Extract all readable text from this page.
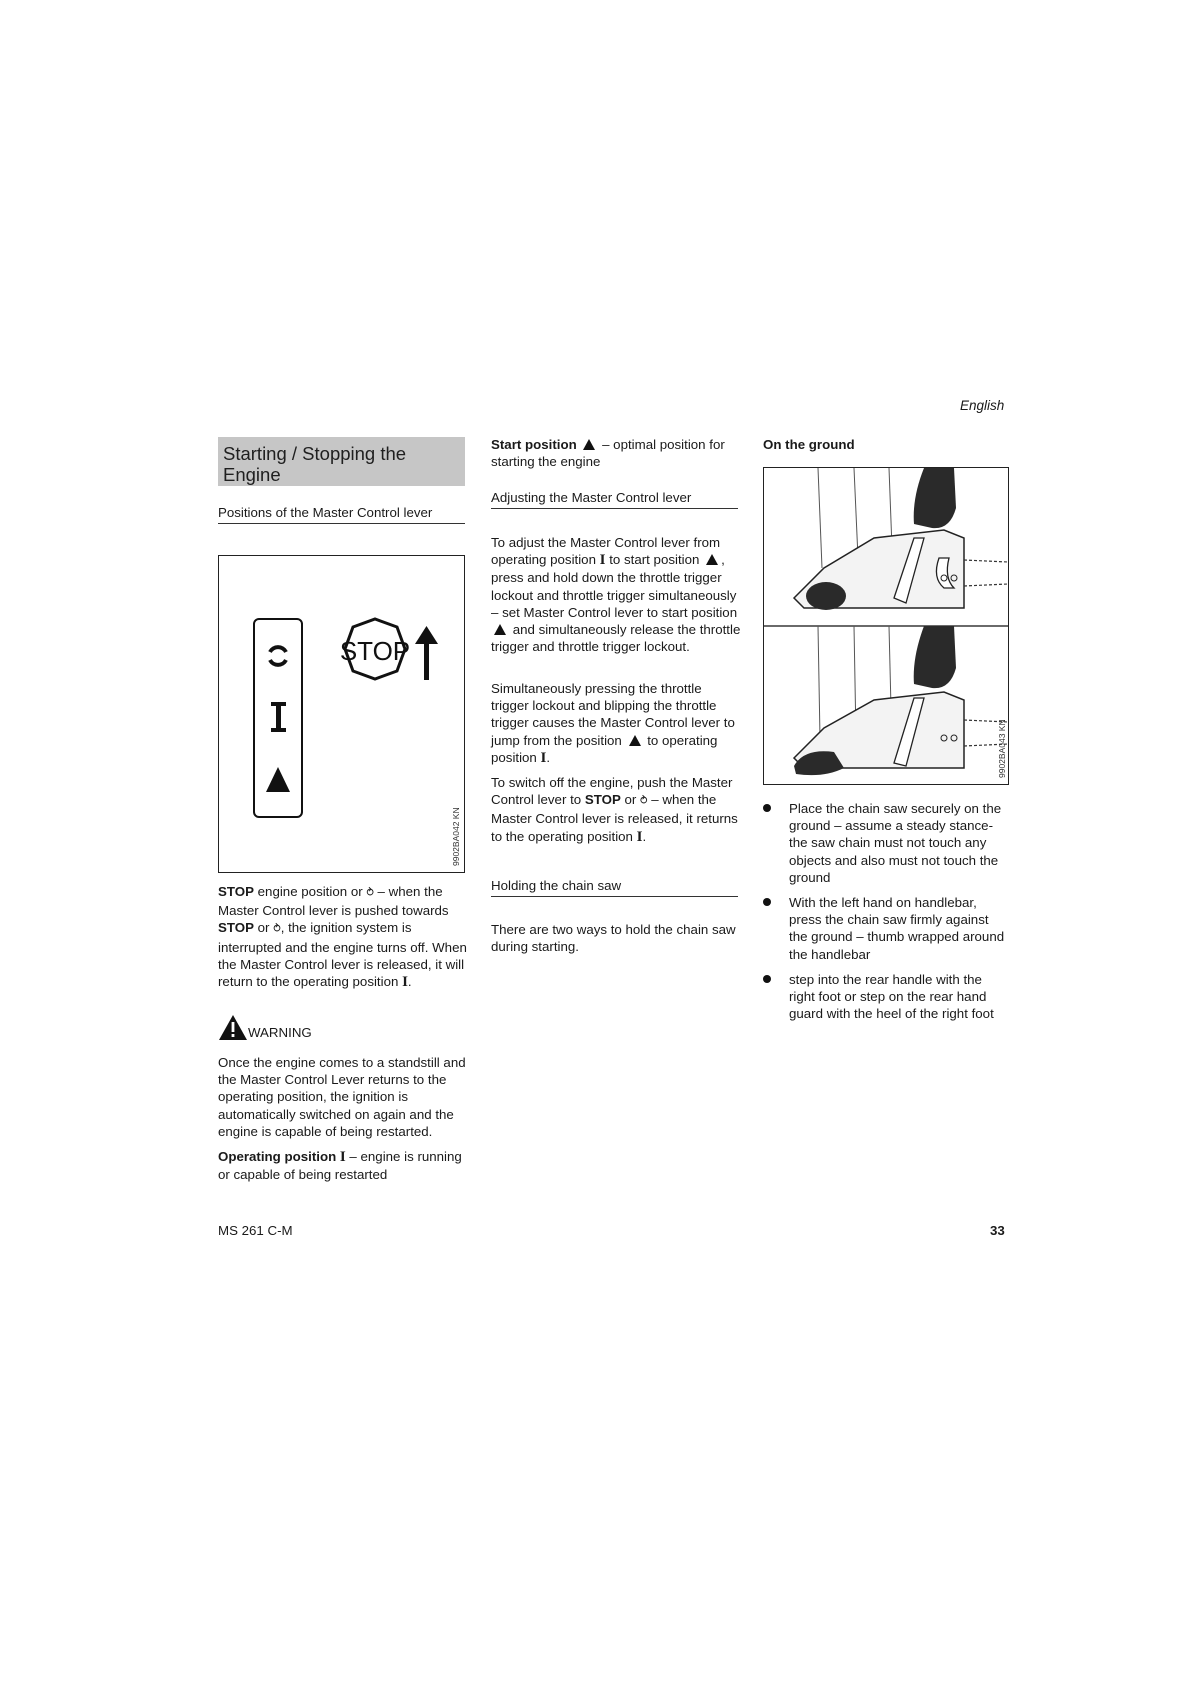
English
Starting / Stopping the Engine
Positions of the Master Control lever
STOP
9902BA042 KN

STOP engine position or ⥁ – when the Master Control lever is pushed towards STOP or ⥁, the ignition system is interrupted and the engine turns off. When the Master Control lever is released, it will return to the operating position I.

WARNING

Once the engine comes to a standstill and the Master Control Lever returns to the operating position, the ignition is automatically switched on again and the engine is capable of being restarted.

Operating position I – engine is running or capable of being restarted

Start position  – optimal position for starting the engine

Adjusting the Master Control lever

To adjust the Master Control lever from operating position I to start position , press and hold down the throttle trigger lockout and throttle trigger simultaneously – set Master Control lever to start position  and simultaneously release the throttle trigger and throttle trigger lockout.

Simultaneously pressing the throttle trigger lockout and blipping the throttle trigger causes the Master Control lever to jump from the position  to operating position I.

To switch off the engine, push the Master Control lever to STOP or ⥁ – when the Master Control lever is released, it returns to the operating position I.

Holding the chain saw

There are two ways to hold the chain saw during starting.

On the ground
9902BA043 KN
Place the chain saw securely on the ground – assume a steady stance- the saw chain must not touch any objects and also must not touch the ground
With the left hand on handlebar, press the chain saw firmly against the ground – thumb wrapped around the handlebar
step into the rear handle with the right foot or step on the rear hand guard with the heel of the right foot
MS 261 C-M	33
